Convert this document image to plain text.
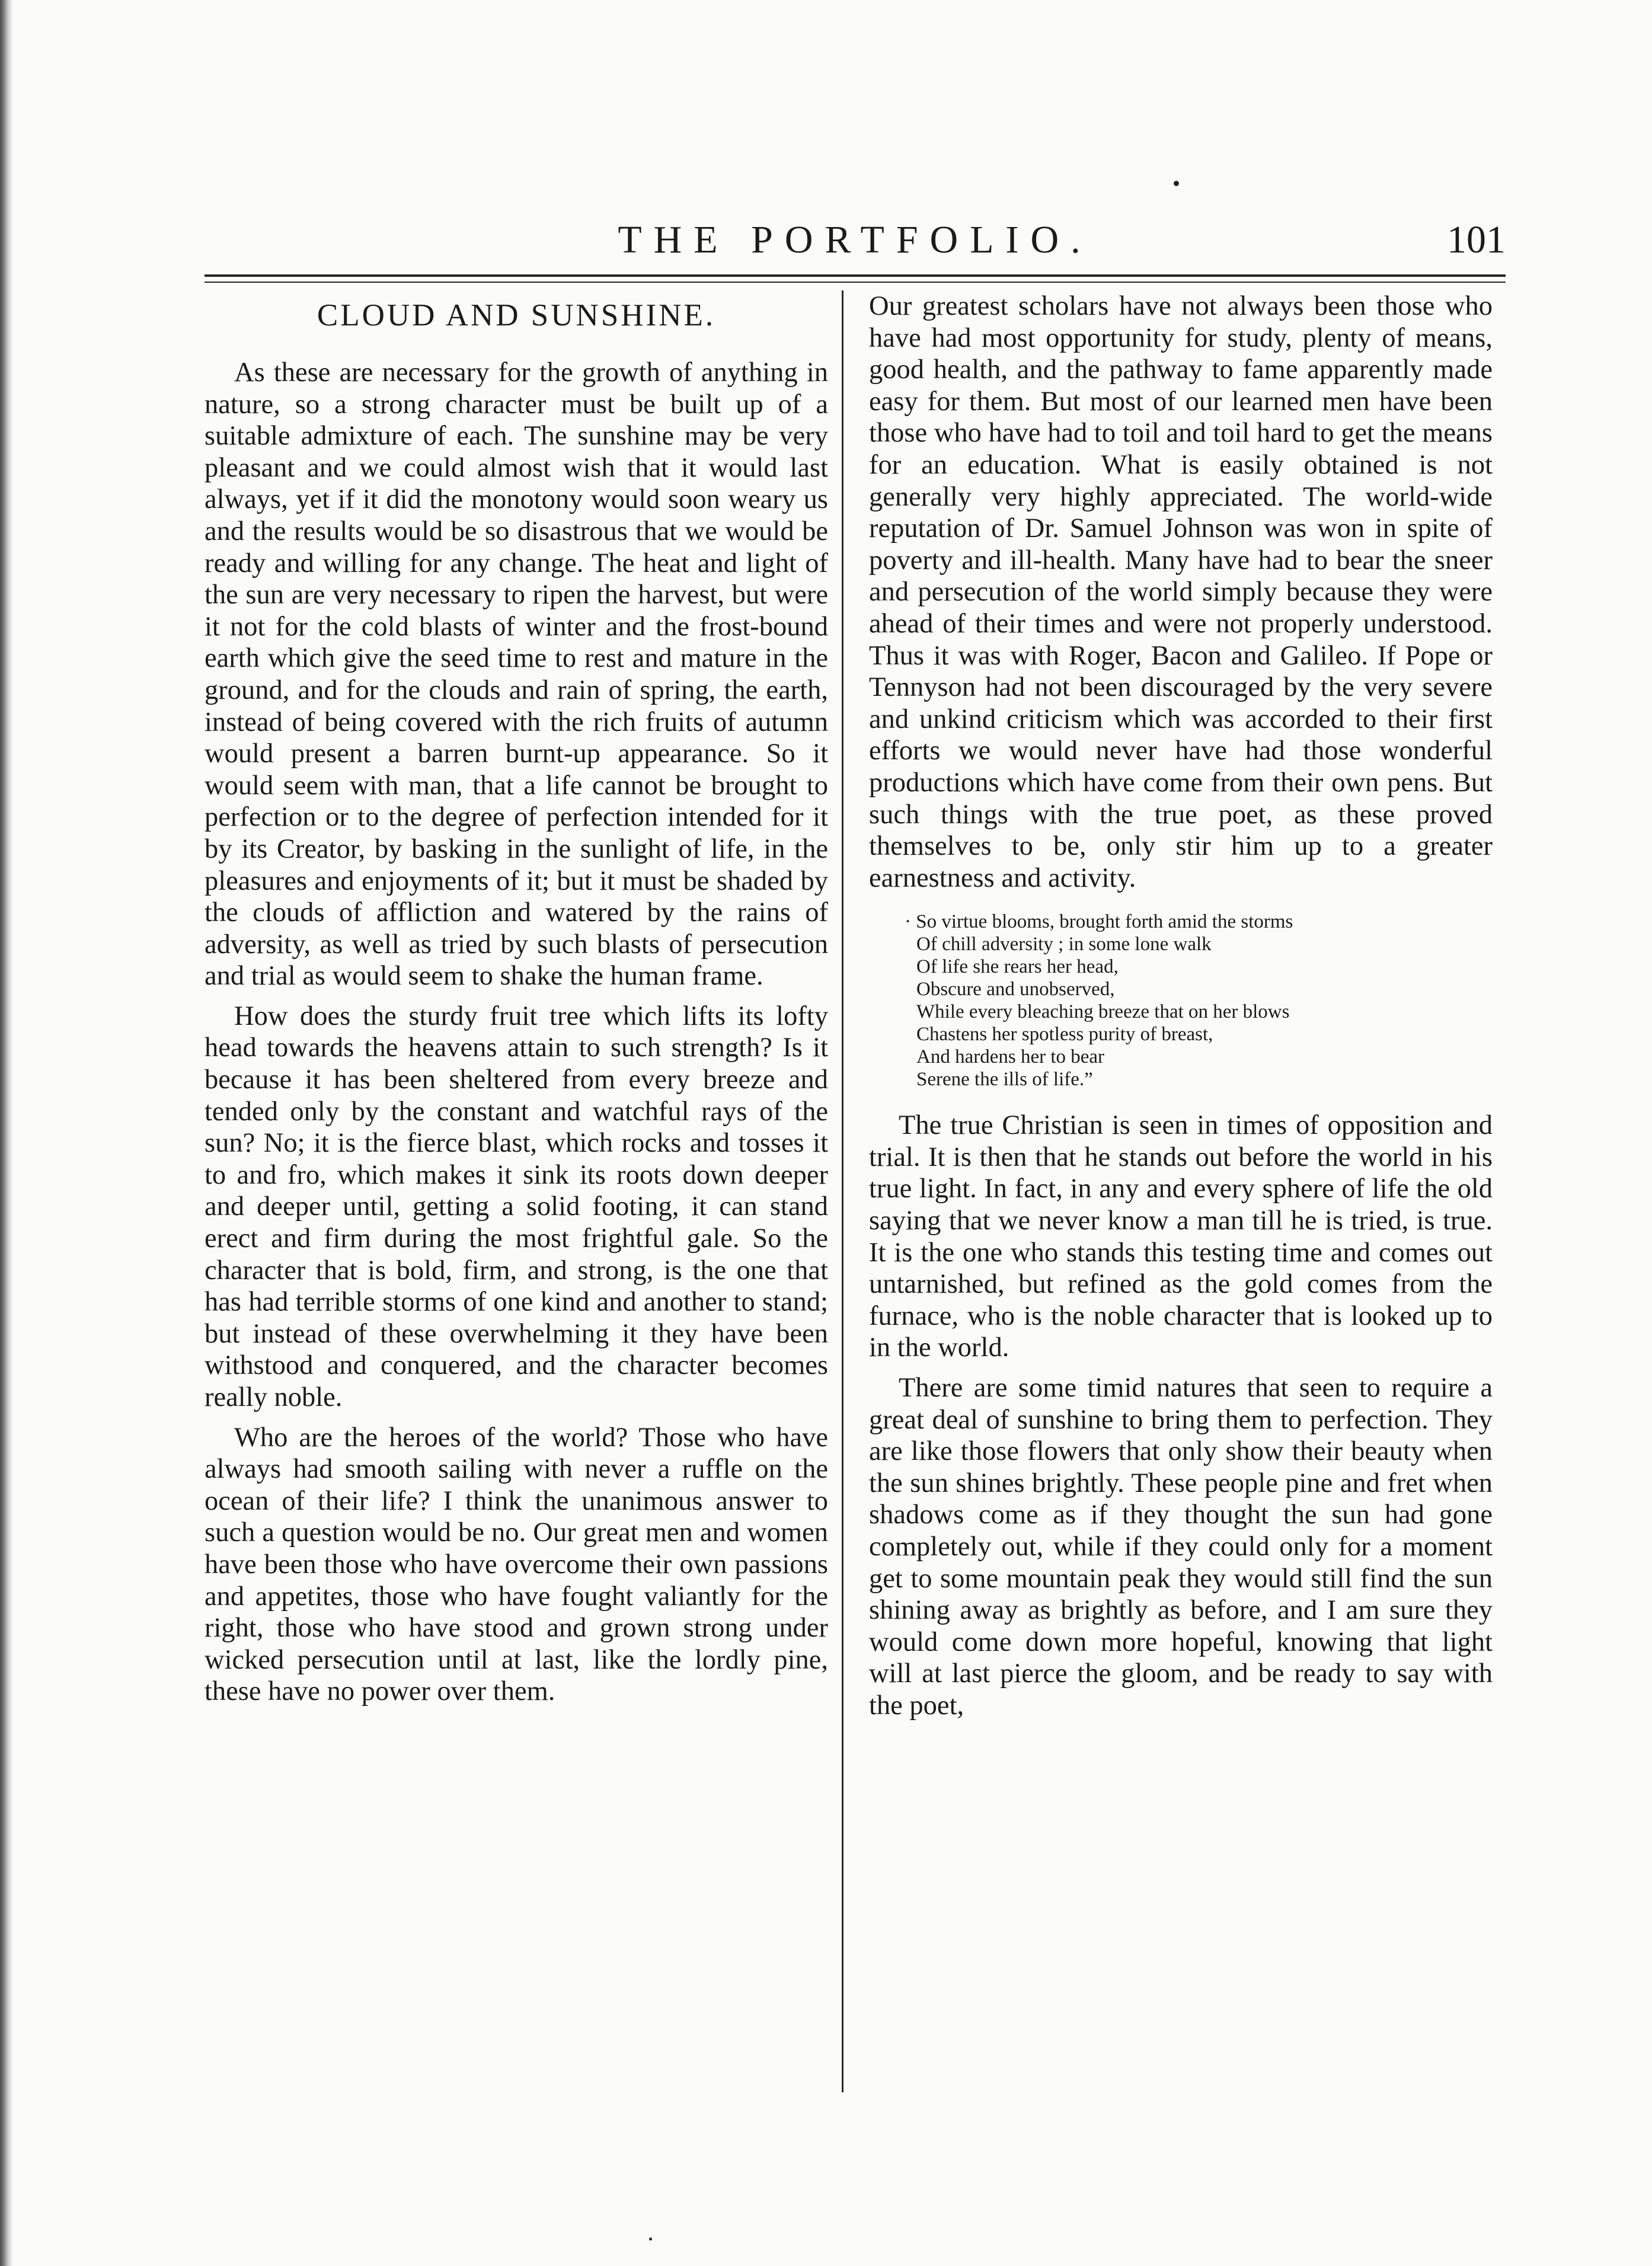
THE PORTFOLIO.	101
CLOUD AND SUNSHINE.

As these are necessary for the growth of anything in nature, so a strong character must be built up of a suitable admixture of each. The sunshine may be very pleasant and we could almost wish that it would last always, yet if it did the monotony would soon weary us and the results would be so disastrous that we would be ready and willing for any change. The heat and light of the sun are very necessary to ripen the harvest, but were it not for the cold blasts of winter and the frost-bound earth which give the seed time to rest and mature in the ground, and for the clouds and rain of spring, the earth, instead of being covered with the rich fruits of autumn would present a barren burnt-up appearance. So it would seem with man, that a life cannot be brought to perfection or to the degree of perfection intended for it by its Creator, by basking in the sunlight of life, in the pleasures and enjoyments of it; but it must be shaded by the clouds of affliction and watered by the rains of adversity, as well as tried by such blasts of persecution and trial as would seem to shake the human frame.

How does the sturdy fruit tree which lifts its lofty head towards the heavens attain to such strength? Is it because it has been sheltered from every breeze and tended only by the constant and watchful rays of the sun? No; it is the fierce blast, which rocks and tosses it to and fro, which makes it sink its roots down deeper and deeper until, getting a solid footing, it can stand erect and firm during the most frightful gale. So the character that is bold, firm, and strong, is the one that has had terrible storms of one kind and another to stand; but instead of these overwhelming it they have been withstood and conquered, and the character becomes really noble.

Who are the heroes of the world? Those who have always had smooth sailing with never a ruffle on the ocean of their life? I think the unanimous answer to such a question would be no. Our great men and women have been those who have overcome their own passions and appetites, those who have fought valiantly for the right, those who have stood and grown strong under wicked persecution until at last, like the lordly pine, these have no power over them.

Our greatest scholars have not always been those who have had most opportunity for study, plenty of means, good health, and the pathway to fame apparently made easy for them. But most of our learned men have been those who have had to toil and toil hard to get the means for an education. What is easily obtained is not generally very highly appreciated. The world-wide reputation of Dr. Samuel Johnson was won in spite of poverty and ill-health. Many have had to bear the sneer and persecution of the world simply because they were ahead of their times and were not properly understood. Thus it was with Roger, Bacon and Galileo. If Pope or Tennyson had not been discouraged by the very severe and unkind criticism which was accorded to their first efforts we would never have had those wonderful productions which have come from their own pens. But such things with the true poet, as these proved themselves to be, only stir him up to a greater earnestness and activity.

· So virtue blooms, brought forth amid the storms
Of chill adversity ; in some lone walk
Of life she rears her head,
Obscure and unobserved,
While every bleaching breeze that on her blows
Chastens her spotless purity of breast,
And hardens her to bear
Serene the ills of life.”

The true Christian is seen in times of opposition and trial. It is then that he stands out before the world in his true light. In fact, in any and every sphere of life the old saying that we never know a man till he is tried, is true. It is the one who stands this testing time and comes out untarnished, but refined as the gold comes from the furnace, who is the noble character that is looked up to in the world.

There are some timid natures that seen to require a great deal of sunshine to bring them to perfection. They are like those flowers that only show their beauty when the sun shines brightly. These people pine and fret when shadows come as if they thought the sun had gone completely out, while if they could only for a moment get to some mountain peak they would still find the sun shining away as brightly as before, and I am sure they would come down more hopeful, knowing that light will at last pierce the gloom, and be ready to say with the poet,
